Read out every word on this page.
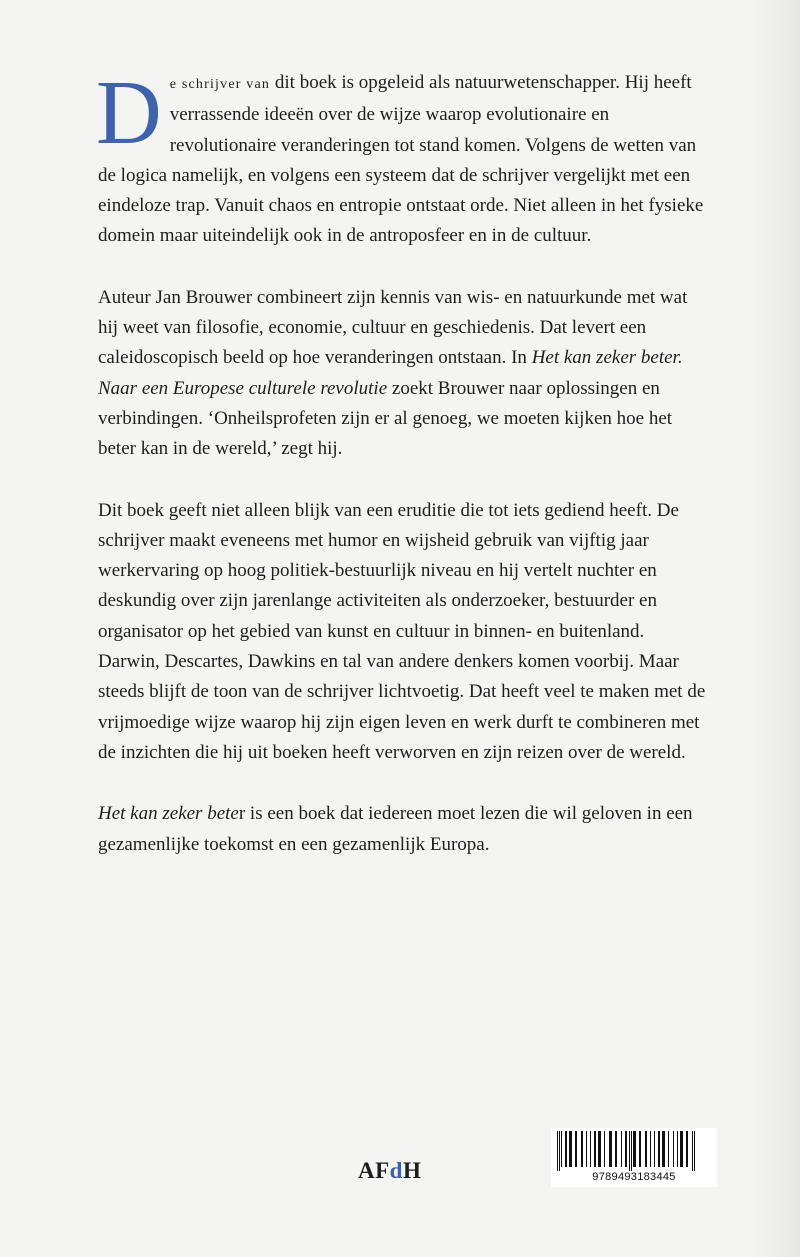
De schrijver van dit boek is opgeleid als natuurwetenschapper. Hij heeft verrassende ideeën over de wijze waarop evolutionaire en revolutionaire veranderingen tot stand komen. Volgens de wetten van de logica namelijk, en volgens een systeem dat de schrijver vergelijkt met een eindeloze trap. Vanuit chaos en entropie ontstaat orde. Niet alleen in het fysieke domein maar uiteindelijk ook in de antroposfeer en in de cultuur.

Auteur Jan Brouwer combineert zijn kennis van wis- en natuurkunde met wat hij weet van filosofie, economie, cultuur en geschiedenis. Dat levert een caleidoscopisch beeld op hoe veranderingen ontstaan. In Het kan zeker beter. Naar een Europese culturele revolutie zoekt Brouwer naar oplossingen en verbindingen. ‘Onheilsprofeten zijn er al genoeg, we moeten kijken hoe het beter kan in de wereld,’ zegt hij.

Dit boek geeft niet alleen blijk van een eruditie die tot iets gediend heeft. De schrijver maakt eveneens met humor en wijsheid gebruik van vijftig jaar werkervaring op hoog politiek-bestuurlijk niveau en hij vertelt nuchter en deskundig over zijn jarenlange activiteiten als onderzoeker, bestuurder en organisator op het gebied van kunst en cultuur in binnen- en buitenland. Darwin, Descartes, Dawkins en tal van andere denkers komen voorbij. Maar steeds blijft de toon van de schrijver lichtvoetig. Dat heeft veel te maken met de vrijmoedige wijze waarop hij zijn eigen leven en werk durft te combineren met de inzichten die hij uit boeken heeft verworven en zijn reizen over de wereld.

Het kan zeker beter is een boek dat iedereen moet lezen die wil geloven in een gezamenlijke toekomst en een gezamenlijk Europa.

AFdH	9789493183445
